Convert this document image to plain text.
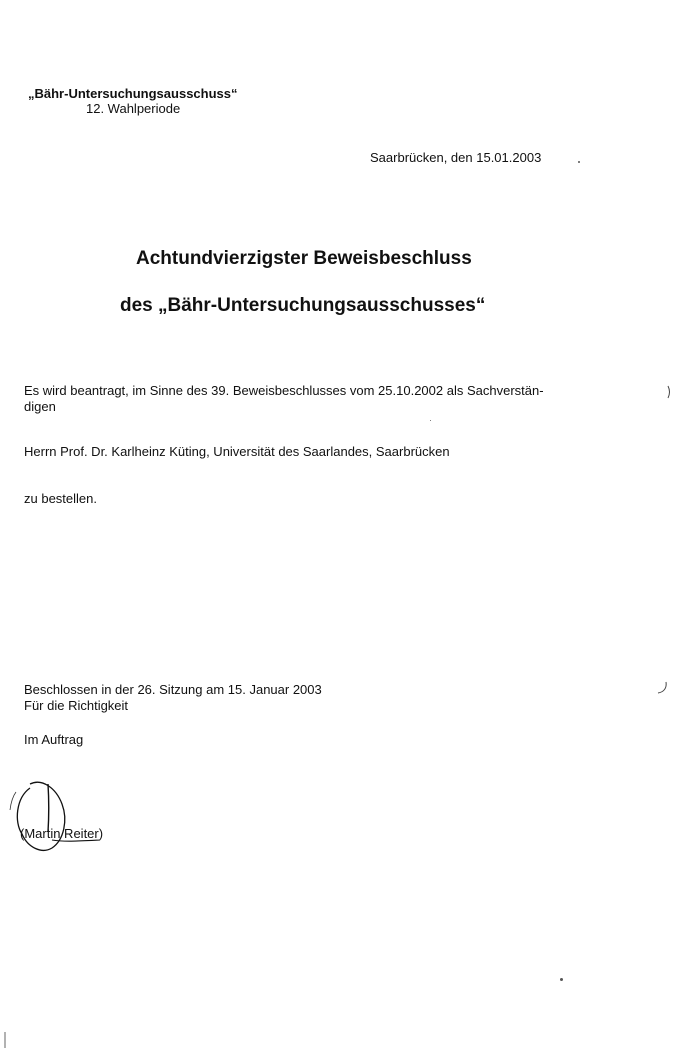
„Bähr-Untersuchungsausschuss“
12. Wahlperiode
Saarbrücken, den 15.01.2003
Achtundvierzigster Beweisbeschluss
des „Bähr-Untersuchungsausschusses“
Es wird beantragt, im Sinne des 39. Beweisbeschlusses vom 25.10.2002 als Sachverstän-
digen
Herrn Prof. Dr. Karlheinz Küting, Universität des Saarlandes, Saarbrücken
zu bestellen.
Beschlossen in der 26. Sitzung am 15. Januar 2003
Für die Richtigkeit
Im Auftrag
(Martin Reiter)
